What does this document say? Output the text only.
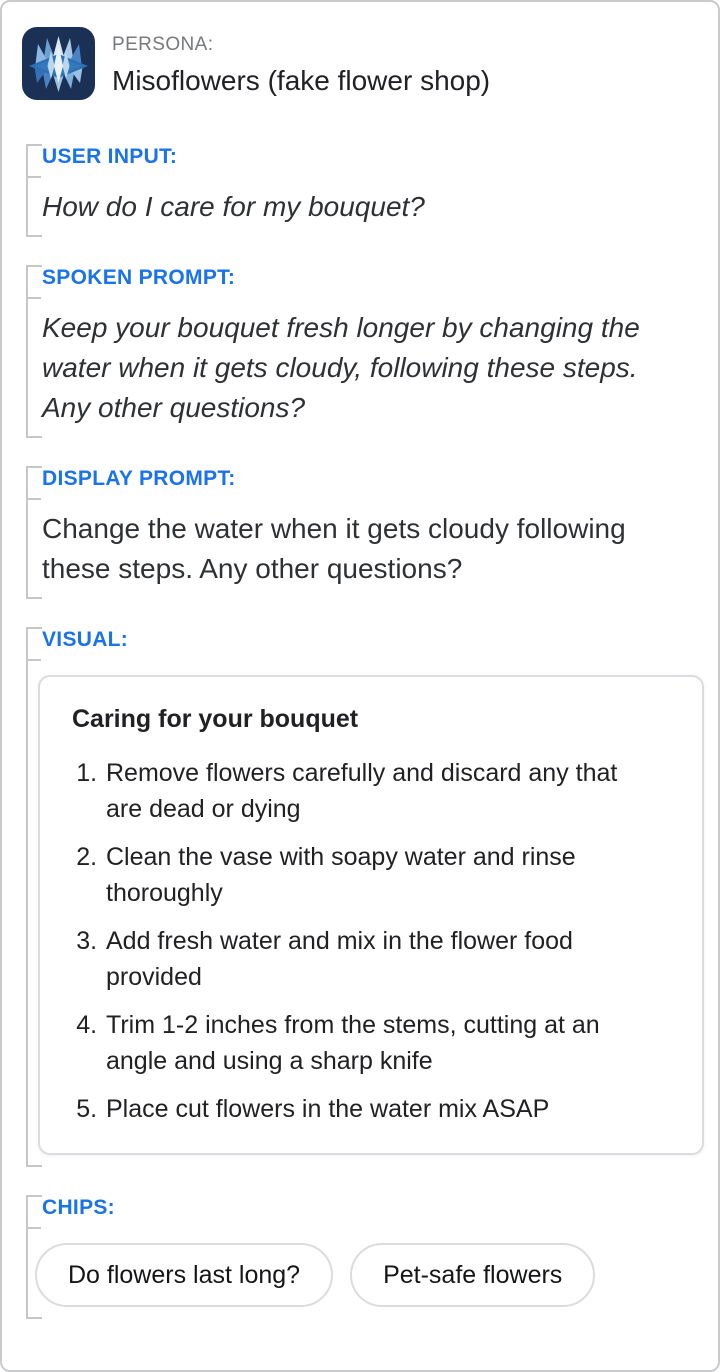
PERSONA:
Misoflowers (fake flower shop)
USER INPUT:
How do I care for my bouquet?
SPOKEN PROMPT:
Keep your bouquet fresh longer by changing the water when it gets cloudy, following these steps. Any other questions?
DISPLAY PROMPT:
Change the water when it gets cloudy following these steps. Any other questions?
VISUAL:
Caring for your bouquet
1. Remove flowers carefully and discard any that are dead or dying
2. Clean the vase with soapy water and rinse thoroughly
3. Add fresh water and mix in the flower food provided
4. Trim 1-2 inches from the stems, cutting at an angle and using a sharp knife
5. Place cut flowers in the water mix ASAP
CHIPS:
Do flowers last long?	Pet-safe flowers
